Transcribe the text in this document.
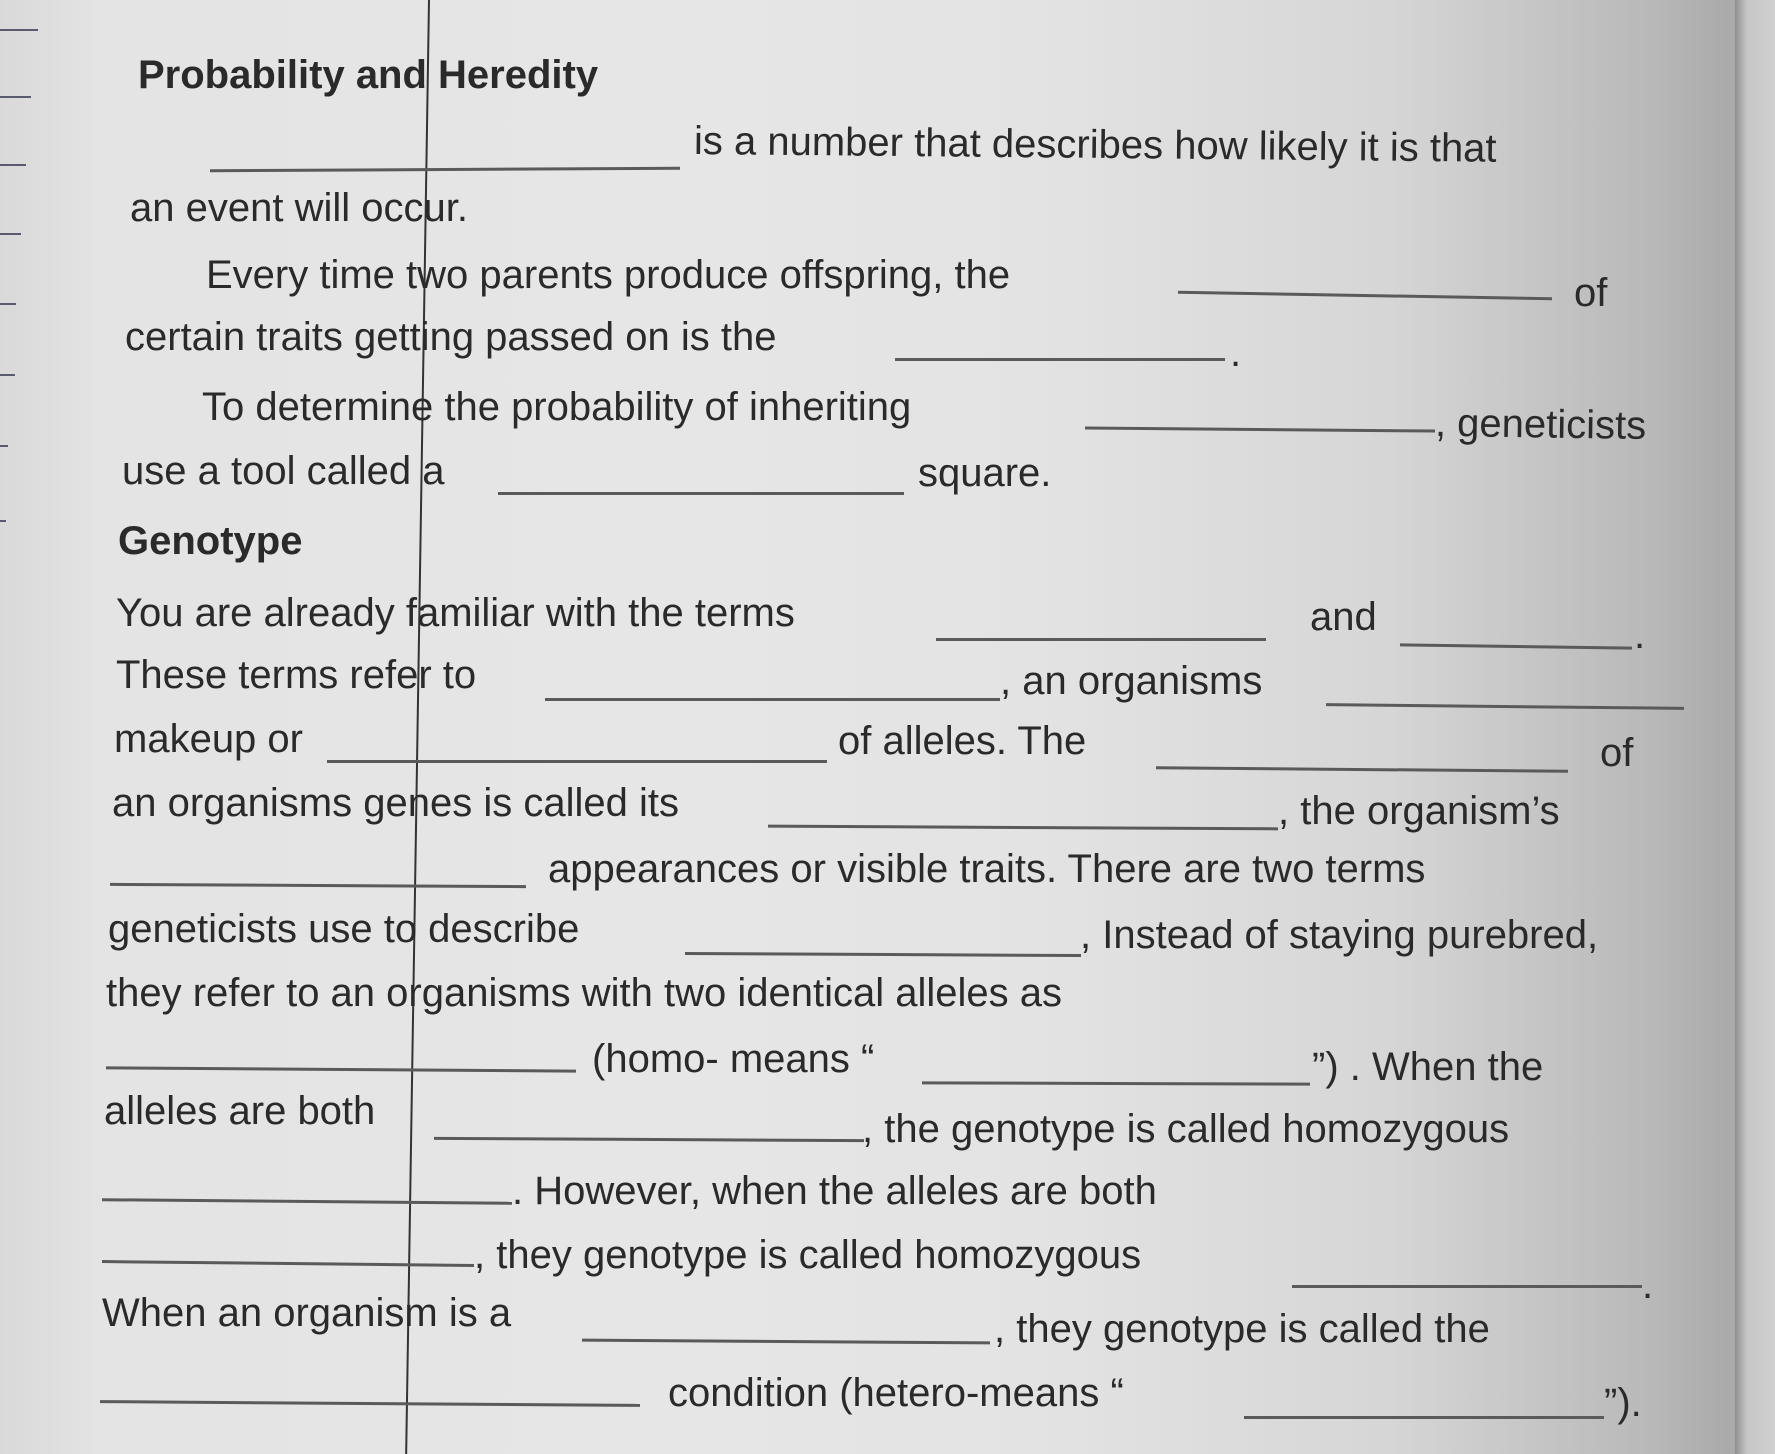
Probability and Heredity
is a number that describes how likely it is that
an event will occur.
Every time two parents produce offspring, the	of
certain traits getting passed on is the	.
To determine the probability of inheriting	, geneticists
use a tool called a	square.
Genotype
You are already familiar with the terms	and	.
These terms refer to	, an organisms
makeup or	of alleles. The	of
an organisms genes is called its	, the organism’s
appearances or visible traits. There are two terms
geneticists use to describe	, Instead of staying purebred,
they refer to an organisms with two identical alleles as
(homo- means “	”) . When the
alleles are both	, the genotype is called homozygous
. However, when the alleles are both
, they genotype is called homozygous
.
When an organism is a	, they genotype is called the
condition (hetero-means “	”).
